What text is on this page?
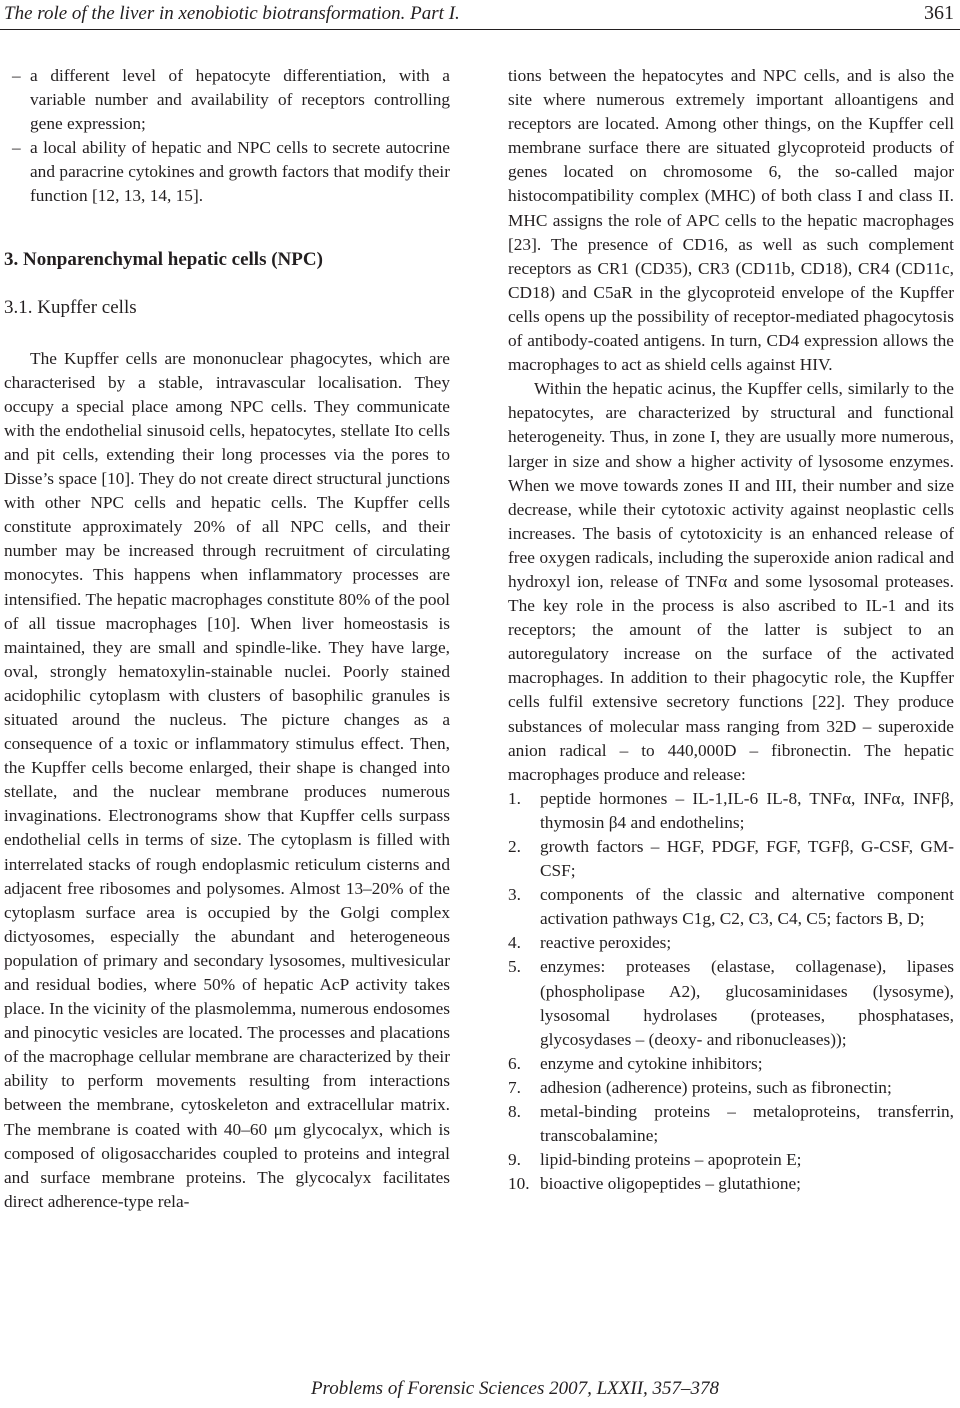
The role of the liver in xenobiotic biotransformation. Part I.	361
– a different level of hepatocyte differentiation, with a variable number and availability of receptors controlling gene expression;
– a local ability of hepatic and NPC cells to secrete autocrine and paracrine cytokines and growth factors that modify their function [12, 13, 14, 15].
3. Nonparenchymal hepatic cells (NPC)
3.1. Kupffer cells

The Kupffer cells are mononuclear phagocytes, which are characterised by a stable, intravascular localisation. They occupy a special place among NPC cells. They communicate with the endothelial sinusoid cells, hepatocytes, stellate Ito cells and pit cells, extending their long processes via the pores to Disse’s space [10]. They do not create direct structural junctions with other NPC cells and hepatic cells. The Kupffer cells constitute approximately 20% of all NPC cells, and their number may be increased through recruitment of circulating monocytes. This happens when inflammatory processes are intensified. The hepatic macrophages constitute 80% of the pool of all tissue macrophages [10]. When liver homeostasis is maintained, they are small and spindle-like. They have large, oval, strongly hematoxylin-stainable nuclei. Poorly stained acidophilic cytoplasm with clusters of basophilic granules is situated around the nucleus. The picture changes as a consequence of a toxic or inflammatory stimulus effect. Then, the Kupffer cells become enlarged, their shape is changed into stellate, and the nuclear membrane produces numerous invaginations. Electronograms show that Kupffer cells surpass endothelial cells in terms of size. The cytoplasm is filled with interrelated stacks of rough endoplasmic reticulum cisterns and adjacent free ribosomes and polysomes. Almost 13–20% of the cytoplasm surface area is occupied by the Golgi complex dictyosomes, especially the abundant and heterogeneous population of primary and secondary lysosomes, multivesicular and residual bodies, where 50% of hepatic AcP activity takes place. In the vicinity of the plasmolemma, numerous endosomes and pinocytic vesicles are located. The processes and placations of the macrophage cellular membrane are characterized by their ability to perform movements resulting from interactions between the membrane, cytoskeleton and extracellular matrix. The membrane is coated with 40–60 μm glycocalyx, which is composed of oligosaccharides coupled to proteins and integral and surface membrane proteins. The glycocalyx facilitates direct adherence-type rela-

tions between the hepatocytes and NPC cells, and is also the site where numerous extremely important alloantigens and receptors are located. Among other things, on the Kupffer cell membrane surface there are situated glycoproteid products of genes located on chromosome 6, the so-called major histocompatibility complex (MHC) of both class I and class II. MHC assigns the role of APC cells to the hepatic macrophages [23]. The presence of CD16, as well as such complement receptors as CR1 (CD35), CR3 (CD11b, CD18), CR4 (CD11c, CD18) and C5aR in the glycoproteid envelope of the Kupffer cells opens up the possibility of receptor-mediated phagocytosis of antibody-coated antigens. In turn, CD4 expression allows the macrophages to act as shield cells against HIV.

Within the hepatic acinus, the Kupffer cells, similarly to the hepatocytes, are characterized by structural and functional heterogeneity. Thus, in zone I, they are usually more numerous, larger in size and show a higher activity of lysosome enzymes. When we move towards zones II and III, their number and size decrease, while their cytotoxic activity against neoplastic cells increases. The basis of cytotoxicity is an enhanced release of free oxygen radicals, including the superoxide anion radical and hydroxyl ion, release of TNFα and some lysosomal proteases. The key role in the process is also ascribed to IL-1 and its receptors; the amount of the latter is subject to an autoregulatory increase on the surface of the activated macrophages. In addition to their phagocytic role, the Kupffer cells fulfil extensive secretory functions [22]. They produce substances of molecular mass ranging from 32D – superoxide anion radical – to 440,000D – fibronectin. The hepatic macrophages produce and release:

1.	peptide hormones – IL-1,IL-6 IL-8, TNFα, INFα, INFβ, thymosin β4 and endothelins;
2.	growth factors – HGF, PDGF, FGF, TGFβ, G-CSF, GM-CSF;
3.	components of the classic and alternative component activation pathways C1g, C2, C3, C4, C5; factors B, D;
4.	reactive peroxides;
5.	enzymes: proteases (elastase, collagenase), lipases (phospholipase A2), glucosaminidases (lysosyme), lysosomal hydrolases (proteases, phosphatases, glycosydases – (deoxy- and ribonucleases));
6.	enzyme and cytokine inhibitors;
7.	adhesion (adherence) proteins, such as fibronectin;
8.	metal-binding proteins – metaloproteins, transferrin, transcobalamine;
9.	lipid-binding proteins – apoprotein E;
10. bioactive oligopeptides – glutathione;
Problems of Forensic Sciences 2007, LXXII, 357–378
